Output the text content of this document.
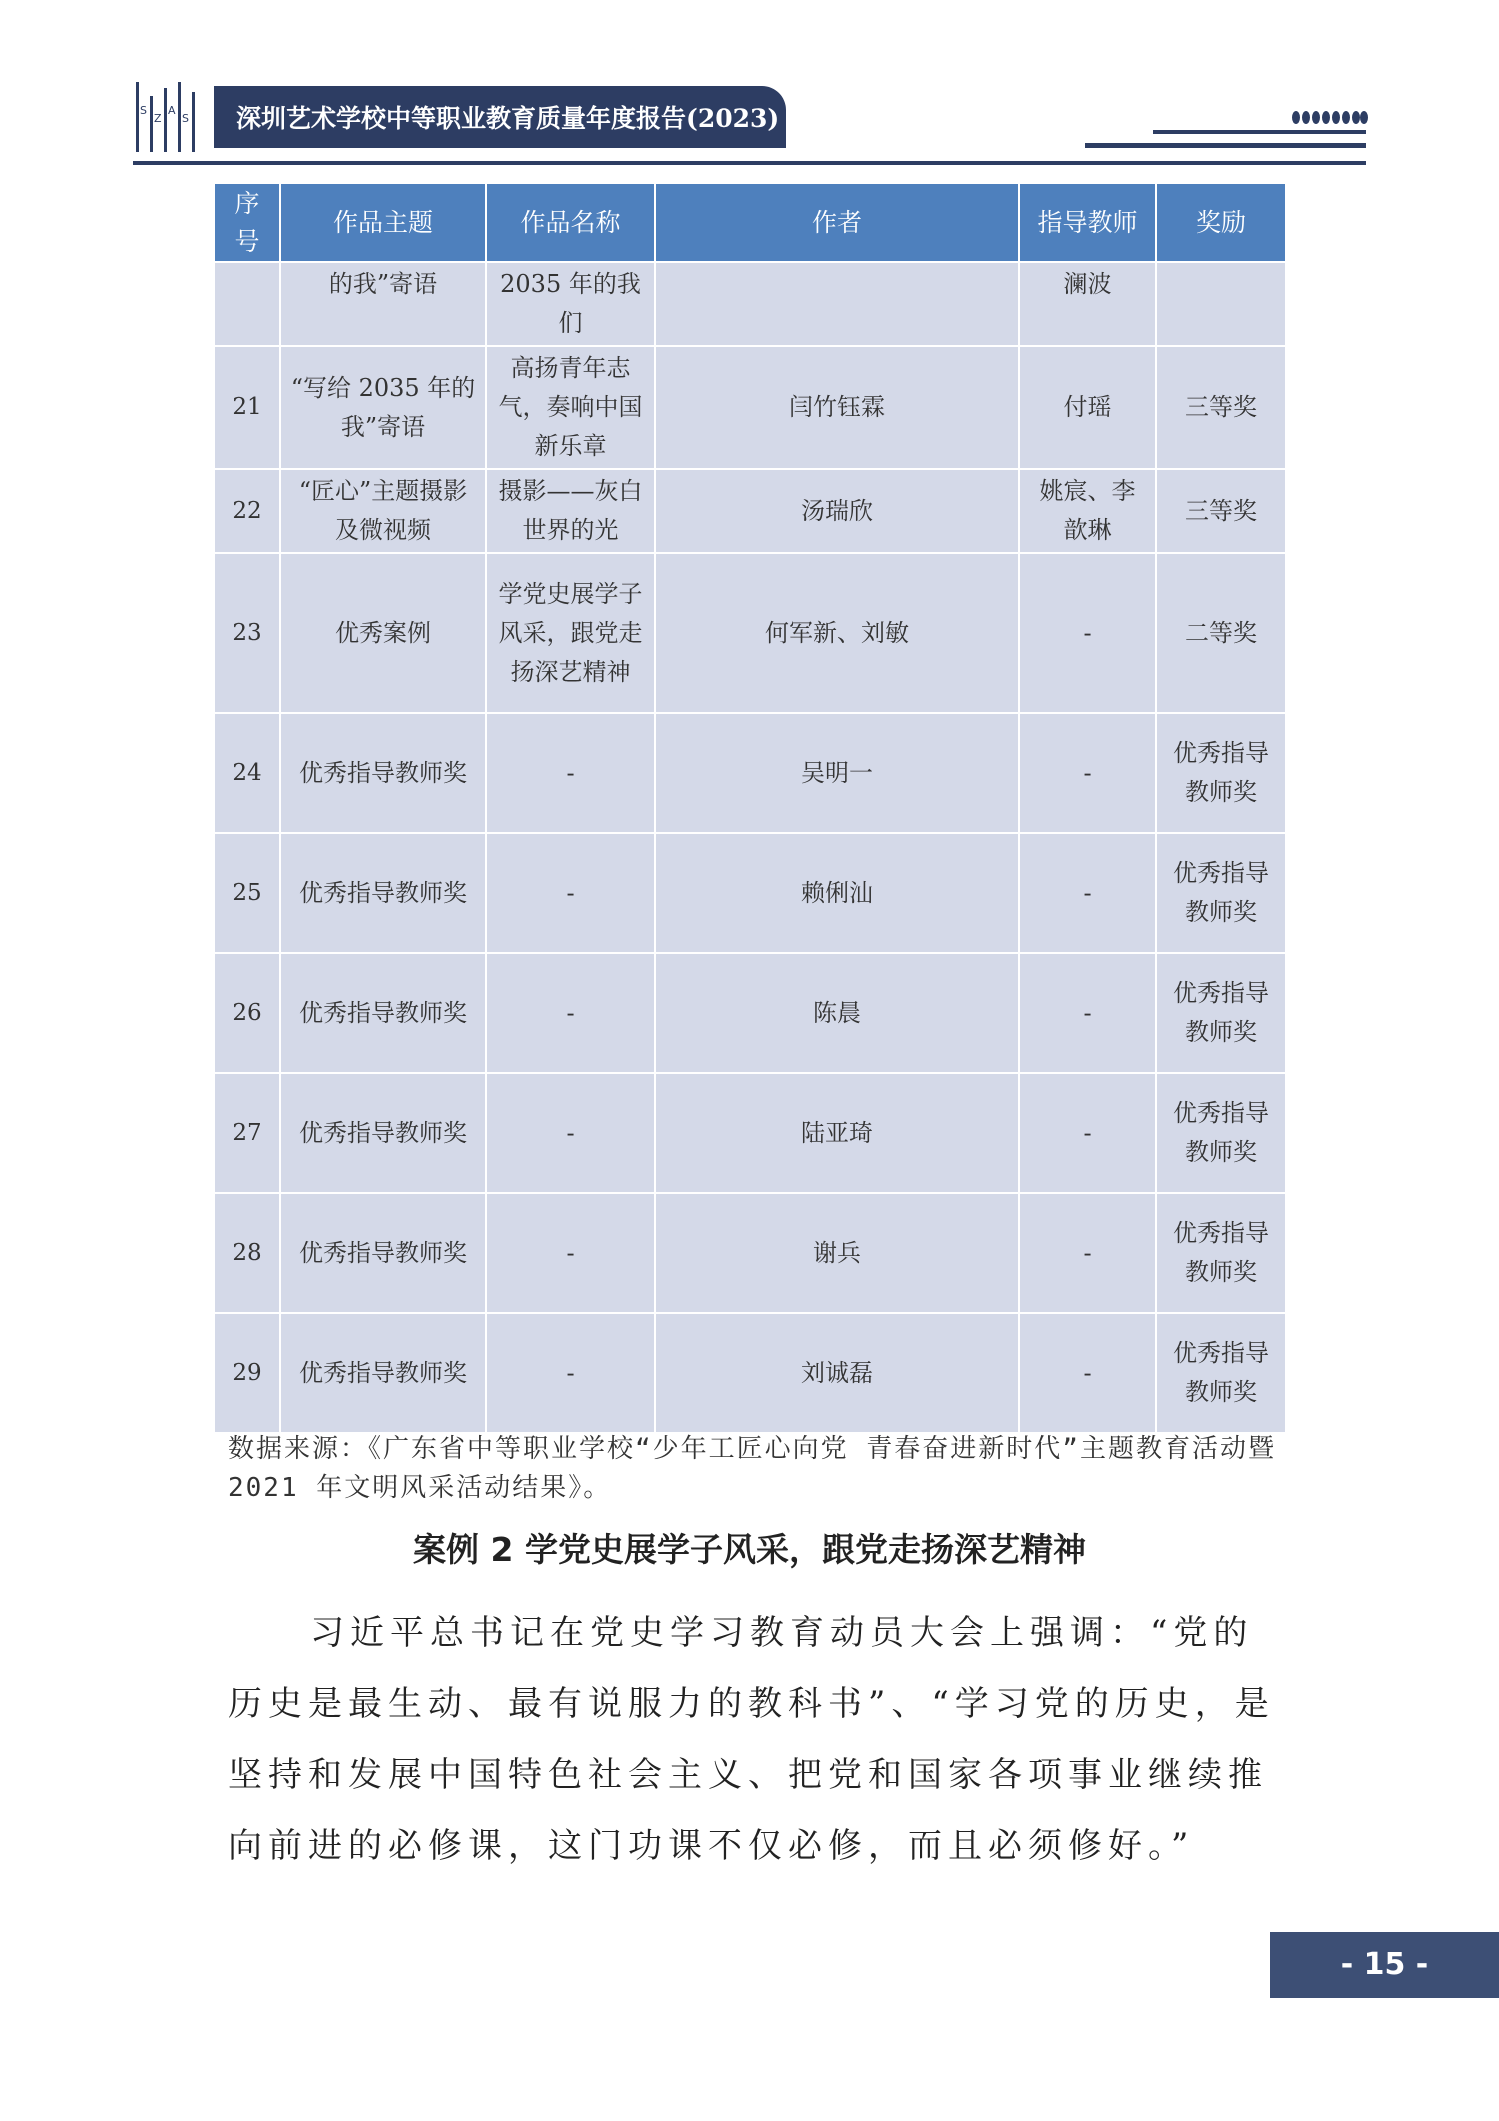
S
Z
A
S 深圳艺术学校中等职业教育质量年度报告(2023)
序号	作品主题	作品名称	作者	指导教师	奖励
	的我”寄语	2035 年的我们		澜波	
21	“写给 2035 年的我”寄语	高扬青年志气，奏响中国新乐章	闫竹钰霖	付瑶	三等奖
22	“匠心”主题摄影及微视频	摄影——灰白世界的光	汤瑞欣	姚宸、李歆琳	三等奖
23	优秀案例	学党史展学子风采，跟党走扬深艺精神	何军新、刘敏	-	二等奖
24	优秀指导教师奖	-	吴明一	-	优秀指导教师奖
25	优秀指导教师奖	-	赖俐汕	-	优秀指导教师奖
26	优秀指导教师奖	-	陈晨	-	优秀指导教师奖
27	优秀指导教师奖	-	陆亚琦	-	优秀指导教师奖
28	优秀指导教师奖	-	谢兵	-	优秀指导教师奖
29	优秀指导教师奖	-	刘诚磊	-	优秀指导教师奖
数据来源：《广东省中等职业学校“少年工匠心向党 青春奋进新时代”主题教育活动暨 2021 年文明风采活动结果》。
案例 2 学党史展学子风采，跟党走扬深艺精神
习近平总书记在党史学习教育动员大会上强调：“党的历史是最生动、最有说服力的教科书”、“学习党的历史，是坚持和发展中国特色社会主义、把党和国家各项事业继续推向前进的必修课，这门功课不仅必修，而且必须修好。”
- 15 -
